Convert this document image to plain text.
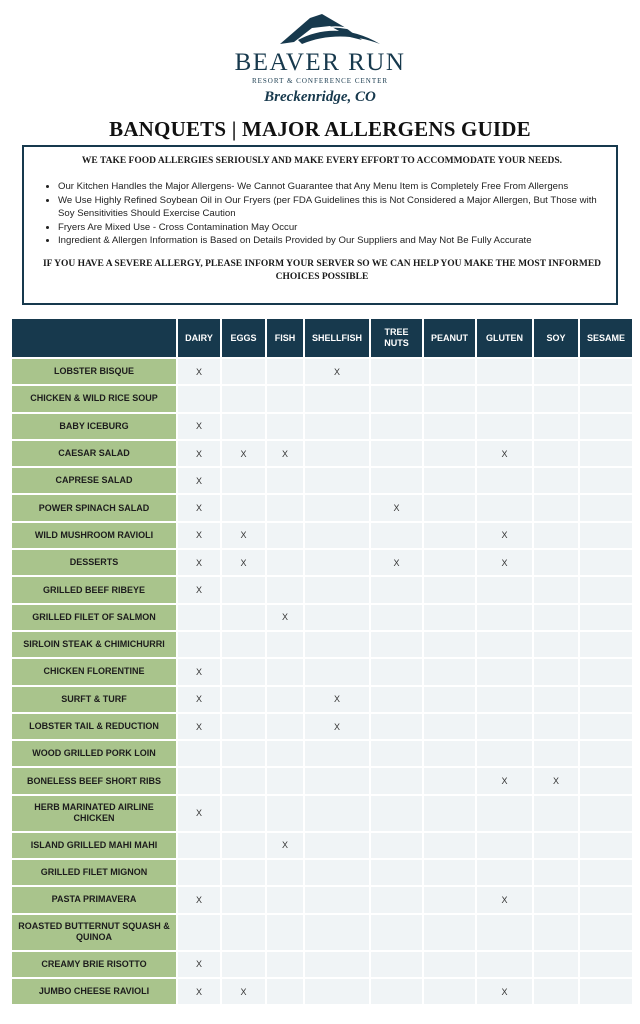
BEAVER RUN
RESORT & CONFERENCE CENTER
Breckenridge, CO
BANQUETS | MAJOR ALLERGENS GUIDE
WE TAKE FOOD ALLERGIES SERIOUSLY AND MAKE EVERY EFFORT TO ACCOMMODATE YOUR NEEDS.
• Our Kitchen Handles the Major Allergens- We Cannot Guarantee that Any Menu Item is Completely Free From Allergens
• We Use Highly Refined Soybean Oil in Our Fryers (per FDA Guidelines this is Not Considered a Major Allergen, But Those with Soy Sensitivities Should Exercise Caution
• Fryers Are Mixed Use - Cross Contamination May Occur
• Ingredient & Allergen Information is Based on Details Provided by Our Suppliers and May Not Be Fully Accurate
IF YOU HAVE A SEVERE ALLERGY, PLEASE INFORM YOUR SERVER SO WE CAN HELP YOU MAKE THE MOST INFORMED CHOICES POSSIBLE
	DAIRY	EGGS	FISH	SHELLFISH	TREE NUTS	PEANUT	GLUTEN	SOY	SESAME
LOBSTER BISQUE	X			X					
CHICKEN & WILD RICE SOUP									
BABY ICEBURG	X								
CAESAR SALAD	X	X	X				X		
CAPRESE SALAD	X								
POWER SPINACH SALAD	X				X				
WILD MUSHROOM RAVIOLI	X	X					X		
DESSERTS	X	X			X		X		
GRILLED BEEF RIBEYE	X								
GRILLED FILET OF SALMON			X						
SIRLOIN STEAK & CHIMICHURRI									
CHICKEN FLORENTINE	X								
SURFT & TURF	X			X					
LOBSTER TAIL & REDUCTION	X			X					
WOOD GRILLED PORK LOIN									
BONELESS BEEF SHORT RIBS							X	X	
HERB MARINATED AIRLINE CHICKEN	X								
ISLAND GRILLED MAHI MAHI			X						
GRILLED FILET MIGNON									
PASTA PRIMAVERA	X						X		
ROASTED BUTTERNUT SQUASH & QUINOA									
CREAMY BRIE RISOTTO	X								
JUMBO CHEESE RAVIOLI	X	X					X		
